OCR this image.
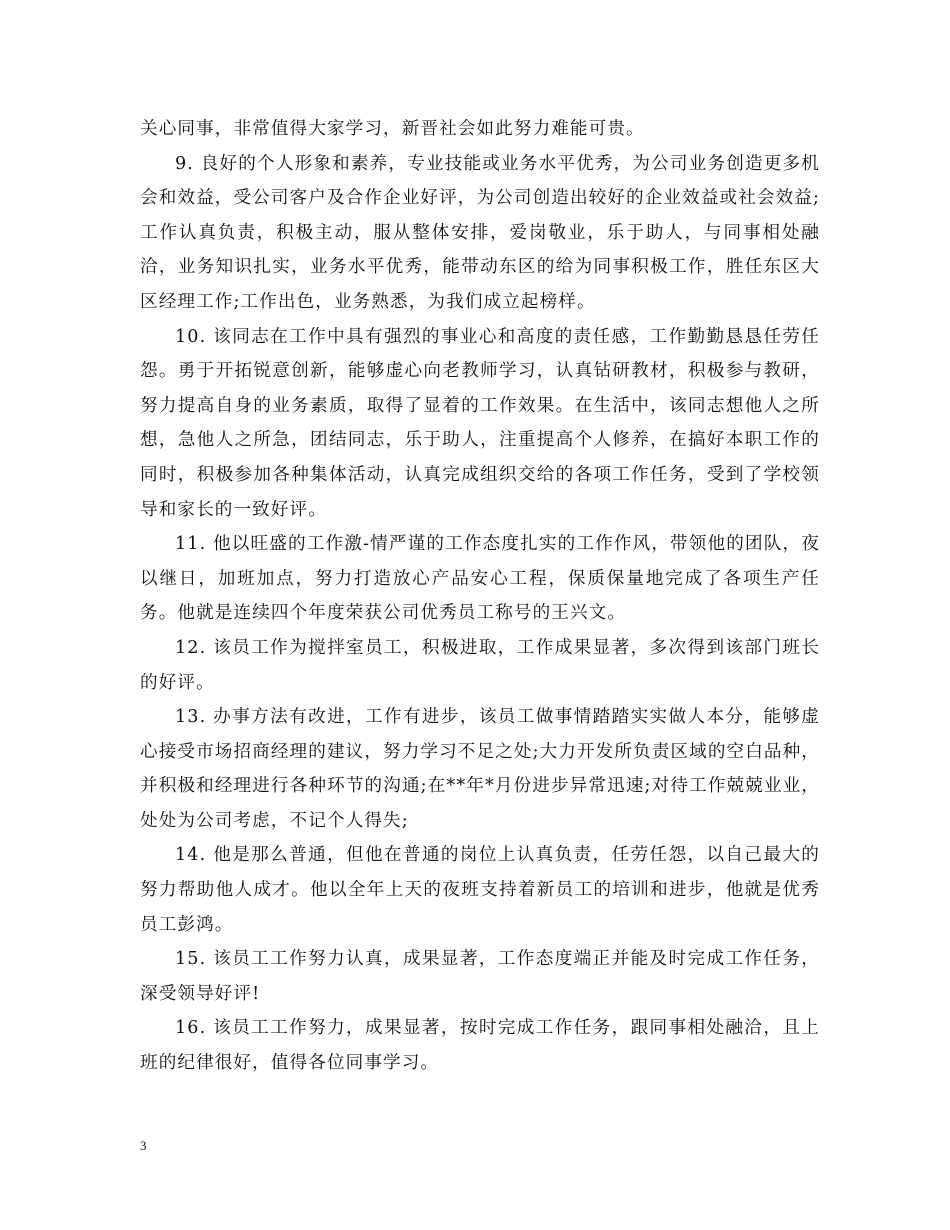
关心同事，非常值得大家学习，新晋社会如此努力难能可贵。

9. 良好的个人形象和素养，专业技能或业务水平优秀，为公司业务创造更多机会和效益，受公司客户及合作企业好评，为公司创造出较好的企业效益或社会效益;工作认真负责，积极主动，服从整体安排，爱岗敬业，乐于助人，与同事相处融洽，业务知识扎实，业务水平优秀，能带动东区的给为同事积极工作，胜任东区大区经理工作;工作出色，业务熟悉，为我们成立起榜样。

10. 该同志在工作中具有强烈的事业心和高度的责任感，工作勤勤恳恳任劳任怨。勇于开拓锐意创新，能够虚心向老教师学习，认真钻研教材，积极参与教研，努力提高自身的业务素质，取得了显着的工作效果。在生活中，该同志想他人之所想，急他人之所急，团结同志，乐于助人，注重提高个人修养，在搞好本职工作的同时，积极参加各种集体活动，认真完成组织交给的各项工作任务，受到了学校领导和家长的一致好评。

11. 他以旺盛的工作激-情严谨的工作态度扎实的工作作风，带领他的团队，夜以继日，加班加点，努力打造放心产品安心工程，保质保量地完成了各项生产任务。他就是连续四个年度荣获公司优秀员工称号的王兴文。

12. 该员工作为搅拌室员工，积极进取，工作成果显著，多次得到该部门班长的好评。

13. 办事方法有改进，工作有进步，该员工做事情踏踏实实做人本分，能够虚心接受市场招商经理的建议，努力学习不足之处;大力开发所负责区域的空白品种，并积极和经理进行各种环节的沟通;在**年*月份进步异常迅速;对待工作兢兢业业，处处为公司考虑，不记个人得失;

14. 他是那么普通，但他在普通的岗位上认真负责，任劳任怨，以自己最大的努力帮助他人成才。他以全年上天的夜班支持着新员工的培训和进步，他就是优秀员工彭鸿。

15. 该员工工作努力认真，成果显著，工作态度端正并能及时完成工作任务，深受领导好评!

16. 该员工工作努力，成果显著，按时完成工作任务，跟同事相处融洽，且上班的纪律很好，值得各位同事学习。

3
